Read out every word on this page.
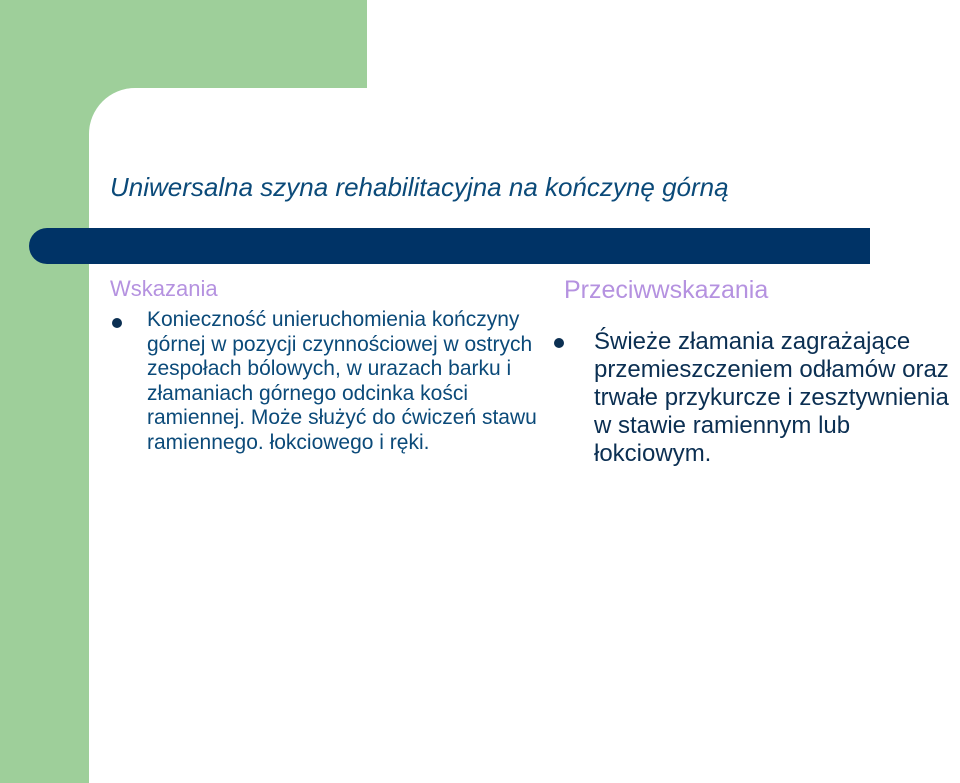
Uniwersalna szyna rehabilitacyjna na kończynę górną
Wskazania
Konieczność unieruchomienia kończyny górnej w pozycji czynnościowej w ostrych zespołach bólowych, w urazach barku i złamaniach górnego odcinka kości ramiennej. Może służyć do ćwiczeń stawu ramiennego. łokciowego i ręki.
Przeciwwskazania
Świeże złamania zagrażające przemieszczeniem odłamów oraz trwałe przykurcze i zesztywnienia w stawie ramiennym lub łokciowym.
